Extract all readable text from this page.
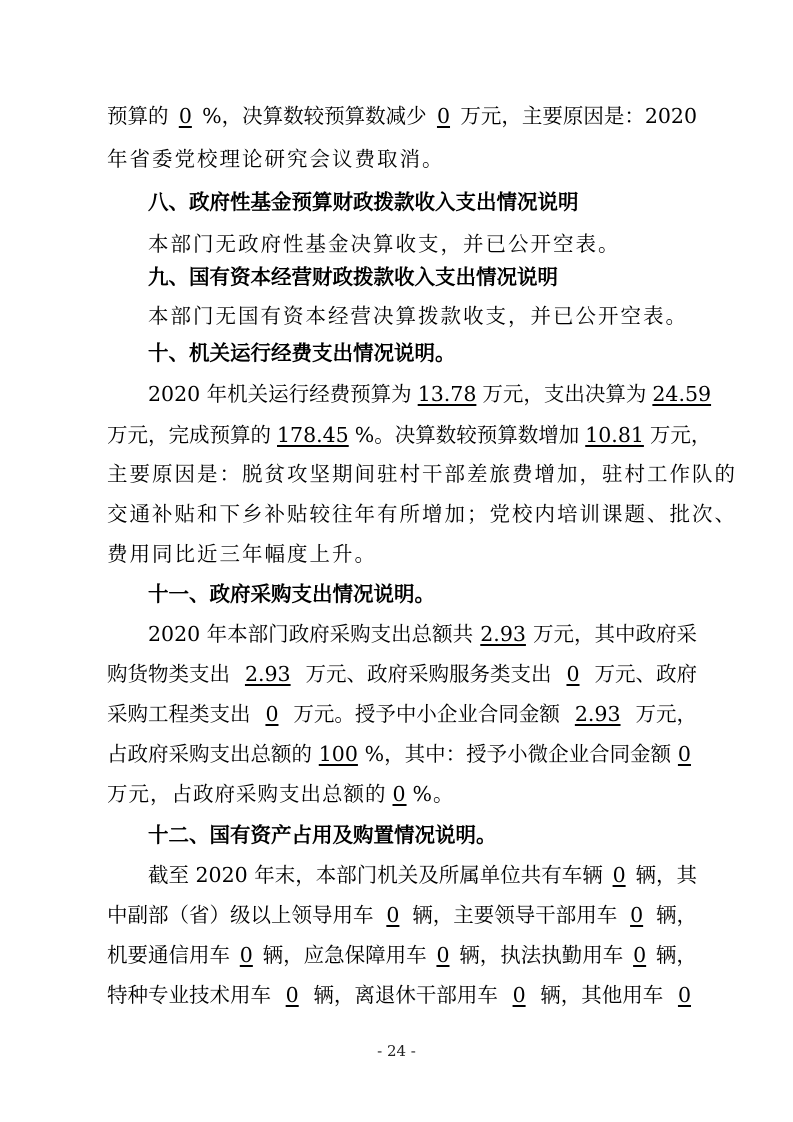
预算的 0 %，决算数较预算数减少 0 万元，主要原因是：2020
年省委党校理论研究会议费取消。
八、政府性基金预算财政拨款收入支出情况说明
本部门无政府性基金决算收支，并已公开空表。
九、国有资本经营财政拨款收入支出情况说明
本部门无国有资本经营决算拨款收支，并已公开空表。
十、机关运行经费支出情况说明。
2020 年机关运行经费预算为 13.78 万元，支出决算为 24.59
万元，完成预算的 178.45 %。决算数较预算数增加 10.81 万元，
主要原因是：脱贫攻坚期间驻村干部差旅费增加，驻村工作队的
交通补贴和下乡补贴较往年有所增加；党校内培训课题、批次、
费用同比近三年幅度上升。
十一、政府采购支出情况说明。
2020 年本部门政府采购支出总额共 2.93 万元，其中政府采
购货物类支出 2.93 万元、政府采购服务类支出 0 万元、政府
采购工程类支出 0 万元。授予中小企业合同金额 2.93 万元，
占政府采购支出总额的 100 %，其中：授予小微企业合同金额 0
万元，占政府采购支出总额的 0 %。
十二、国有资产占用及购置情况说明。
截至 2020 年末，本部门机关及所属单位共有车辆 0 辆，其
中副部（省）级以上领导用车 0 辆，主要领导干部用车 0 辆，
机要通信用车 0 辆，应急保障用车 0 辆，执法执勤用车 0 辆，
特种专业技术用车 0 辆，离退休干部用车 0 辆，其他用车 0
- 24 -
